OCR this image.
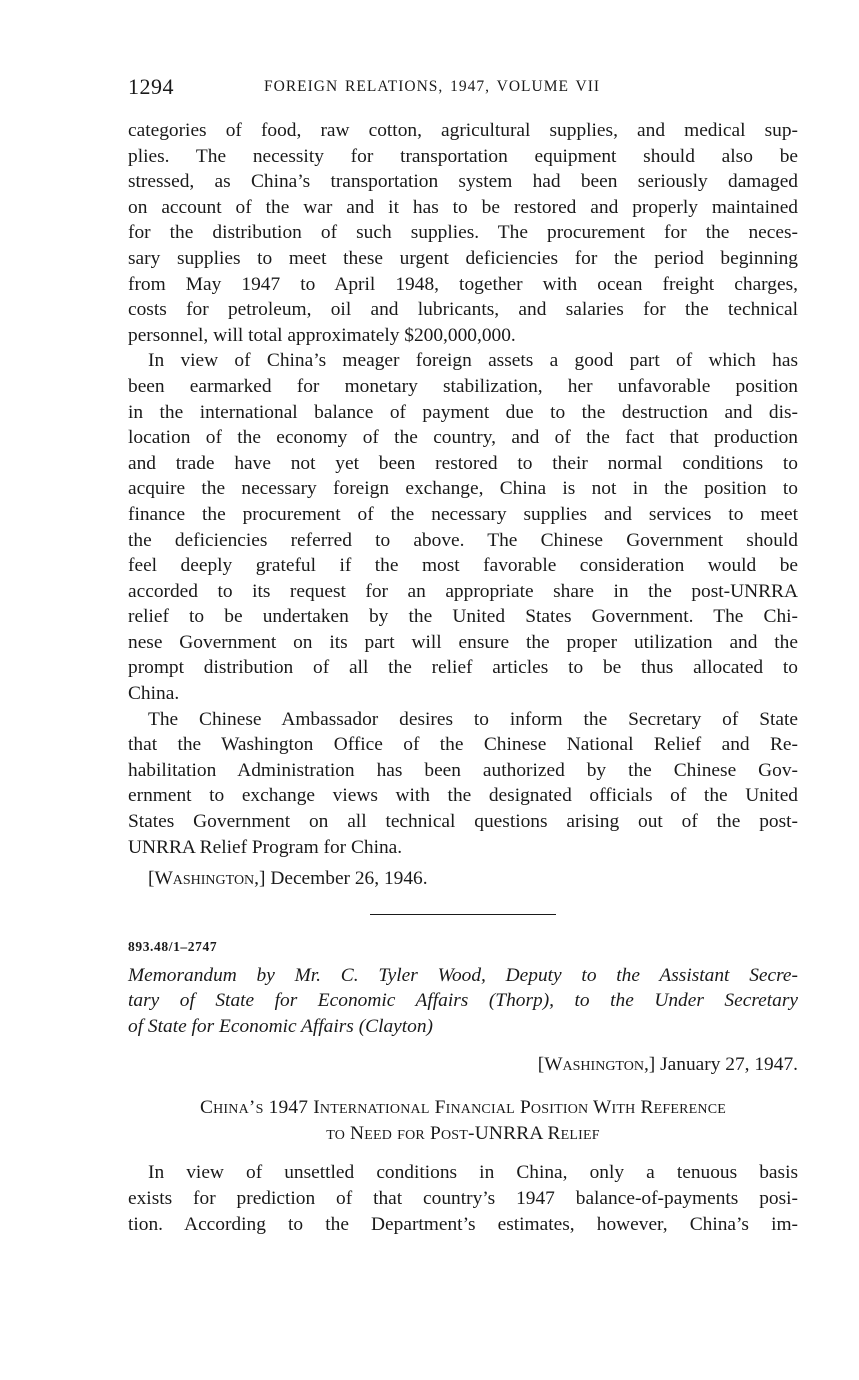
1294	FOREIGN RELATIONS, 1947, VOLUME VII

categories of food, raw cotton, agricultural supplies, and medical sup-
plies. The necessity for transportation equipment should also be
stressed, as China’s transportation system had been seriously damaged
on account of the war and it has to be restored and properly maintained
for the distribution of such supplies. The procurement for the neces-
sary supplies to meet these urgent deficiencies for the period beginning
from May 1947 to April 1948, together with ocean freight charges,
costs for petroleum, oil and lubricants, and salaries for the technical
personnel, will total approximately $200,000,000.

In view of China’s meager foreign assets a good part of which has
been earmarked for monetary stabilization, her unfavorable position
in the international balance of payment due to the destruction and dis-
location of the economy of the country, and of the fact that production
and trade have not yet been restored to their normal conditions to
acquire the necessary foreign exchange, China is not in the position to
finance the procurement of the necessary supplies and services to meet
the deficiencies referred to above. The Chinese Government should
feel deeply grateful if the most favorable consideration would be
accorded to its request for an appropriate share in the post-UNRRA
relief to be undertaken by the United States Government. The Chi-
nese Government on its part will ensure the proper utilization and the
prompt distribution of all the relief articles to be thus allocated to
China.

The Chinese Ambassador desires to inform the Secretary of State
that the Washington Office of the Chinese National Relief and Re-
habilitation Administration has been authorized by the Chinese Gov-
ernment to exchange views with the designated officials of the United
States Government on all technical questions arising out of the post-
UNRRA Relief Program for China.

[Washington,] December 26, 1946.
893.48/1–2747
Memorandum by Mr. C. Tyler Wood, Deputy to the Assistant Secre-
tary of State for Economic Affairs (Thorp), to the Under Secretary
of State for Economic Affairs (Clayton)
[Washington,] January 27, 1947.
China’s 1947 International Financial Position With Reference
to Need for Post-UNRRA Relief

In view of unsettled conditions in China, only a tenuous basis
exists for prediction of that country’s 1947 balance-of-payments posi-
tion. According to the Department’s estimates, however, China’s im-
